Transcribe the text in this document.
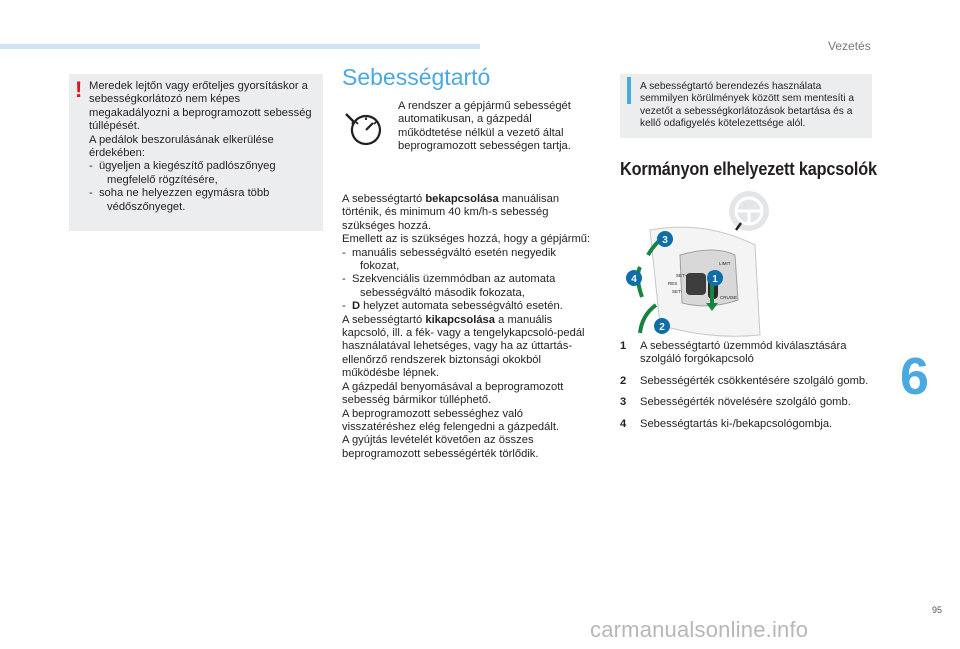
Vezetés
! Meredek lejtőn vagy erőteljes gyorsításkor a sebességkorlátozó nem képes megakadályozni a beprogramozott sebesség túllépését.
A pedálok beszorulásának elkerülése érdekében:
-  ügyeljen a kiegészítő padlószőnyeg megfelelő rögzítésére,
-  soha ne helyezzen egymásra több védőszőnyeget.
Sebességtartó
A rendszer a gépjármű sebességét automatikusan, a gázpedál működtetése nélkül a vezető által beprogramozott sebességen tartja.
A sebességtartó bekapcsolása manuálisan történik, és minimum 40 km/h-s sebesség szükséges hozzá.
Emellett az is szükséges hozzá, hogy a gépjármű:
-  manuális sebességváltó esetén negyedik fokozat,
-  Szekvenciális üzemmódban az automata sebességváltó második fokozata,
-  D helyzet automata sebességváltó esetén.
A sebességtartó kikapcsolása a manuális kapcsoló, ill. a fék- vagy a tengelykapcsoló-pedál használatával lehetséges, vagy ha az úttartás-ellenőrző rendszerek biztonsági okokból működésbe lépnek.
A gázpedál benyomásával a beprogramozott sebesség bármikor túlléphető.
A beprogramozott sebességhez való visszatéréshez elég felengedni a gázpedált.
A gyújtás levételét követően az összes beprogramozott sebességérték törlődik.
A sebességtartó berendezés használata semmilyen körülmények között sem mentesíti a vezetőt a sebességkorlátozások betartása és a kellő odafigyelés kötelezettsége alól.
Kormányon elhelyezett kapcsolók
LIMIT
SET+
RES
SET-
CRUISE
3
4	1
2
1 A sebességtartó üzemmód kiválasztására szolgáló forgókapcsoló
2 Sebességérték csökkentésére szolgáló gomb.
3 Sebességérték növelésére szolgáló gomb.
4 Sebességtartás ki-/bekapcsológombja.
6
95
carmanualsonline.info
